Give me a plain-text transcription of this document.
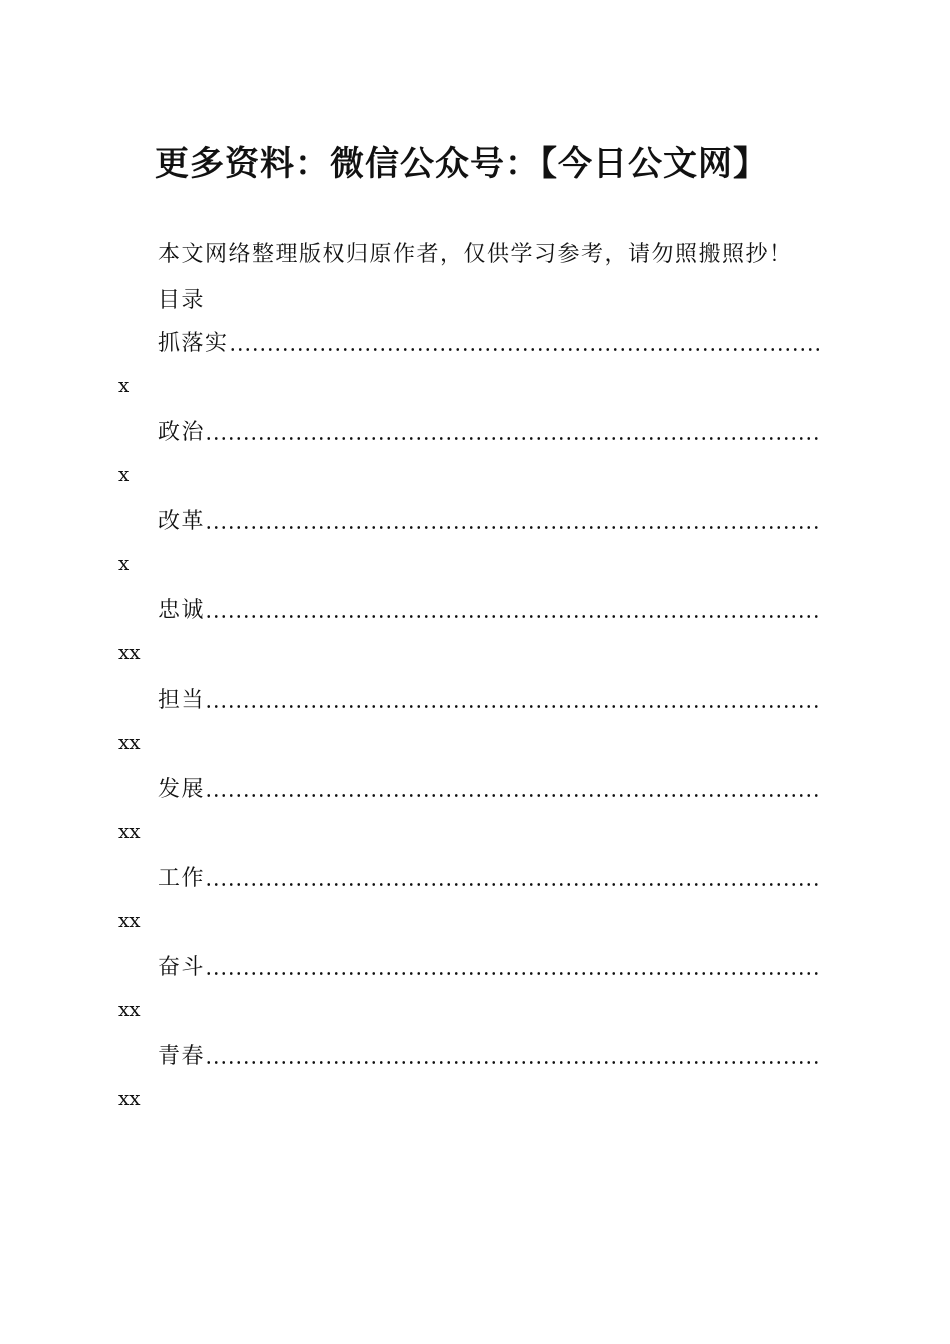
更多资料：微信公众号：【今日公文网】
本文网络整理版权归原作者，仅供学习参考，请勿照搬照抄！
目录
抓落实
x
政治
x
改革
x
忠诚
xx
担当
xx
发展
xx
工作
xx
奋斗
xx
青春
xx
